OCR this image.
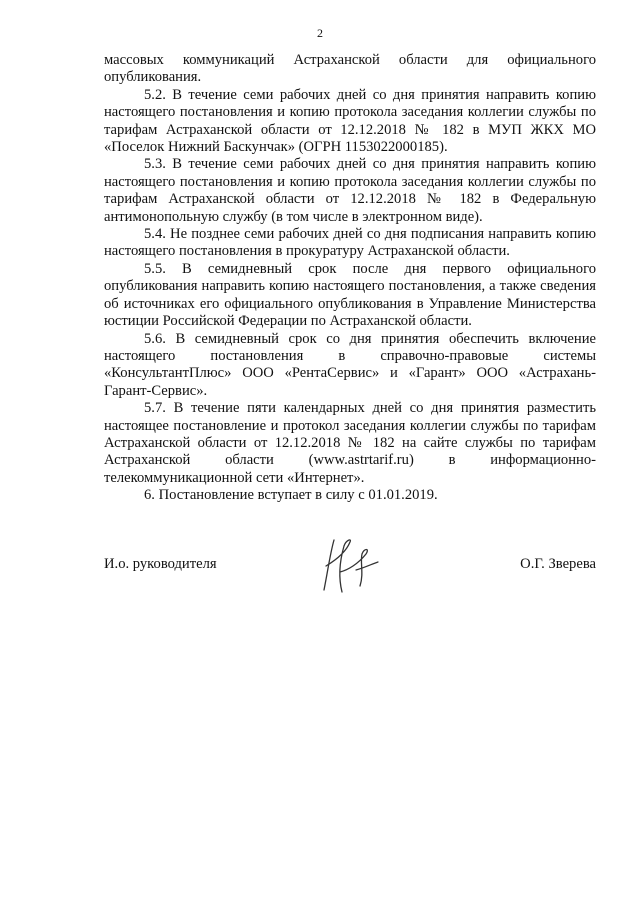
2

массовых коммуникаций Астраханской области для официального опубликования.

5.2. В течение семи рабочих дней со дня принятия направить копию настоящего постановления и копию протокола заседания коллегии службы по тарифам Астраханской области от 12.12.2018 № 182 в МУП ЖКХ МО «Поселок Нижний Баскунчак» (ОГРН 1153022000185).

5.3. В течение семи рабочих дней со дня принятия направить копию настоящего постановления и копию протокола заседания коллегии службы по тарифам Астраханской области от 12.12.2018 № 182 в Федеральную антимонопольную службу (в том числе в электронном виде).

5.4. Не позднее семи рабочих дней со дня подписания направить копию настоящего постановления в прокуратуру Астраханской области.

5.5. В семидневный срок после дня первого официального опубликования направить копию настоящего постановления, а также сведения об источниках его официального опубликования в Управление Министерства юстиции Российской Федерации по Астраханской области.

5.6. В семидневный срок со дня принятия обеспечить включение настоящего постановления в справочно-правовые системы «КонсультантПлюс» ООО «РентаСервис» и «Гарант» ООО «Астрахань-Гарант-Сервис».

5.7. В течение пяти календарных дней со дня принятия разместить настоящее постановление и протокол заседания коллегии службы по тарифам Астраханской области от 12.12.2018 № 182 на сайте службы по тарифам Астраханской области (www.astrtarif.ru) в информационно-телекоммуникационной сети «Интернет».

6. Постановление вступает в силу с 01.01.2019.

И.о. руководителя	О.Г. Зверева
